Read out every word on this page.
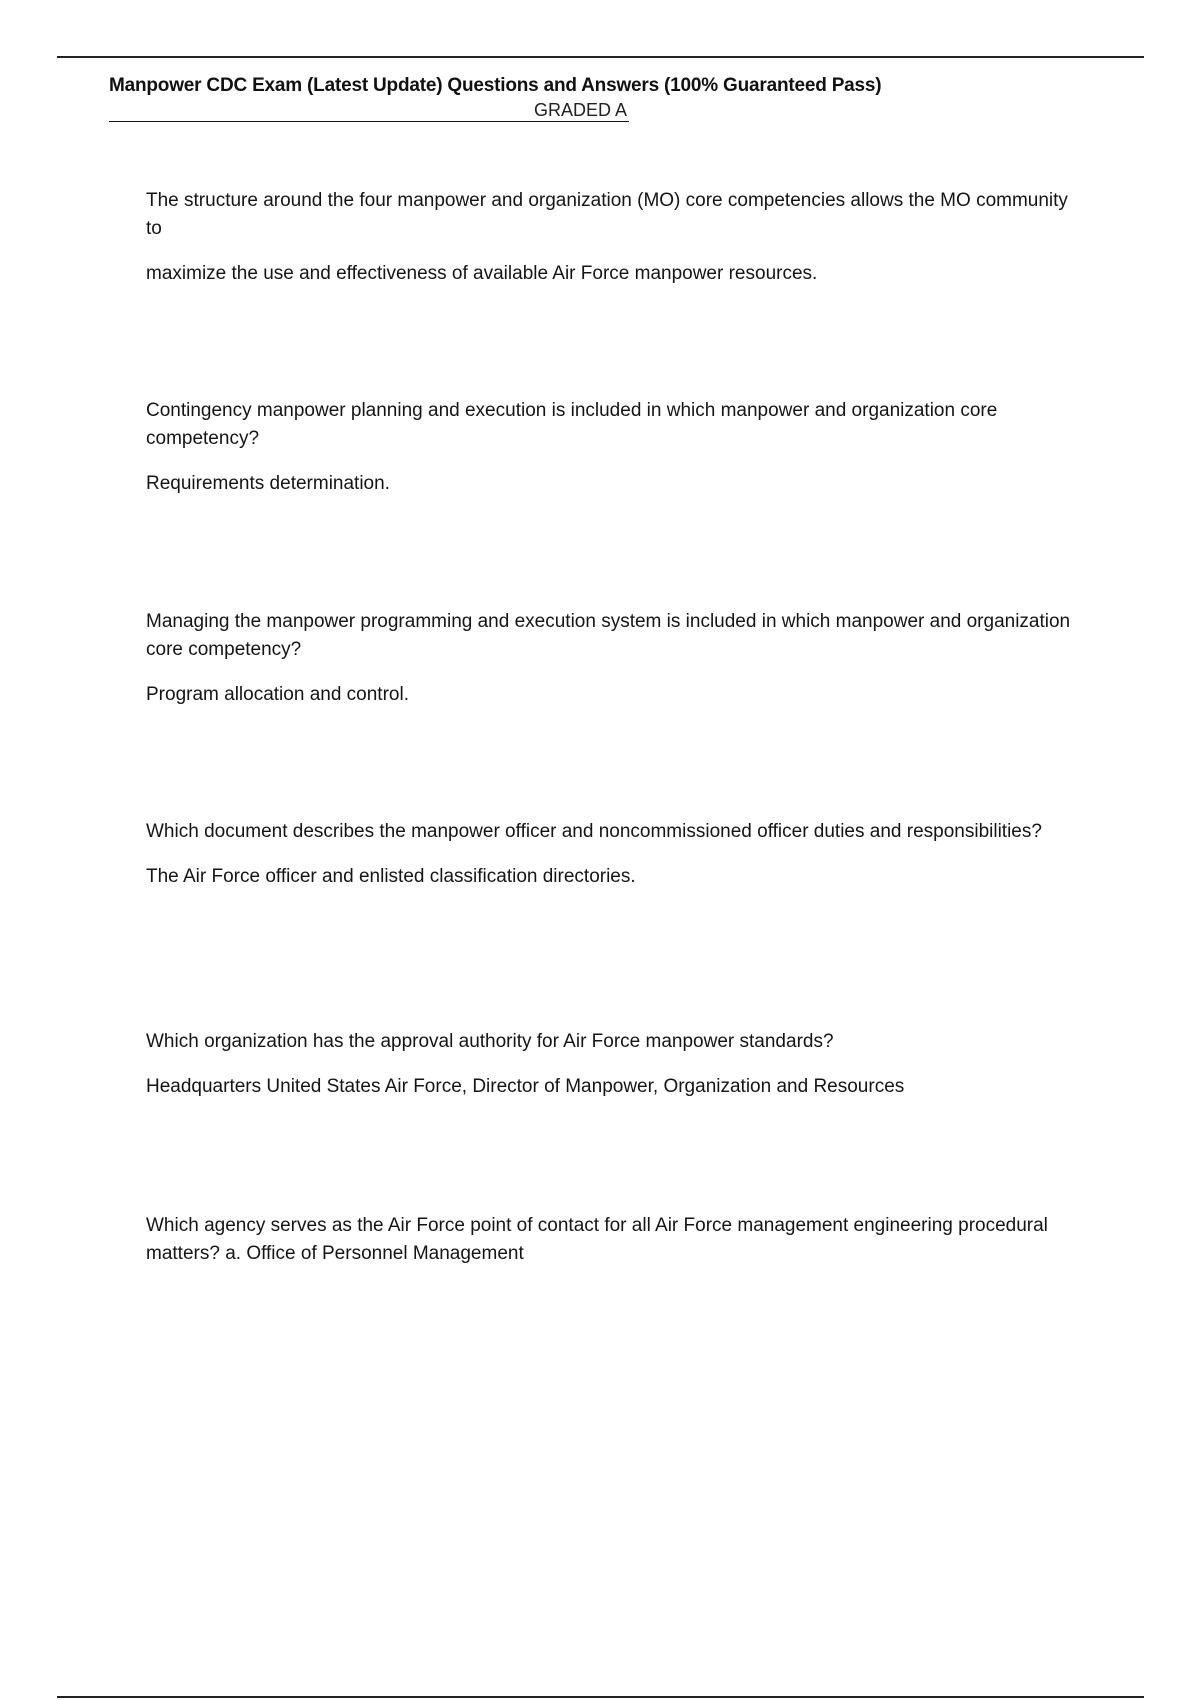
Manpower CDC Exam (Latest Update) Questions and Answers (100% Guaranteed Pass)
GRADED A

The structure around the four manpower and organization (MO) core competencies allows the MO community to

maximize the use and effectiveness of available Air Force manpower resources.

Contingency manpower planning and execution is included in which manpower and organization core competency?

Requirements determination.

Managing the manpower programming and execution system is included in which manpower and organization core competency?

Program allocation and control.

Which document describes the manpower officer and noncommissioned officer duties and responsibilities?

The Air Force officer and enlisted classification directories.

Which organization has the approval authority for Air Force manpower standards?

Headquarters United States Air Force, Director of Manpower, Organization and Resources

Which agency serves as the Air Force point of contact for all Air Force management engineering procedural matters? a. Office of Personnel Management
